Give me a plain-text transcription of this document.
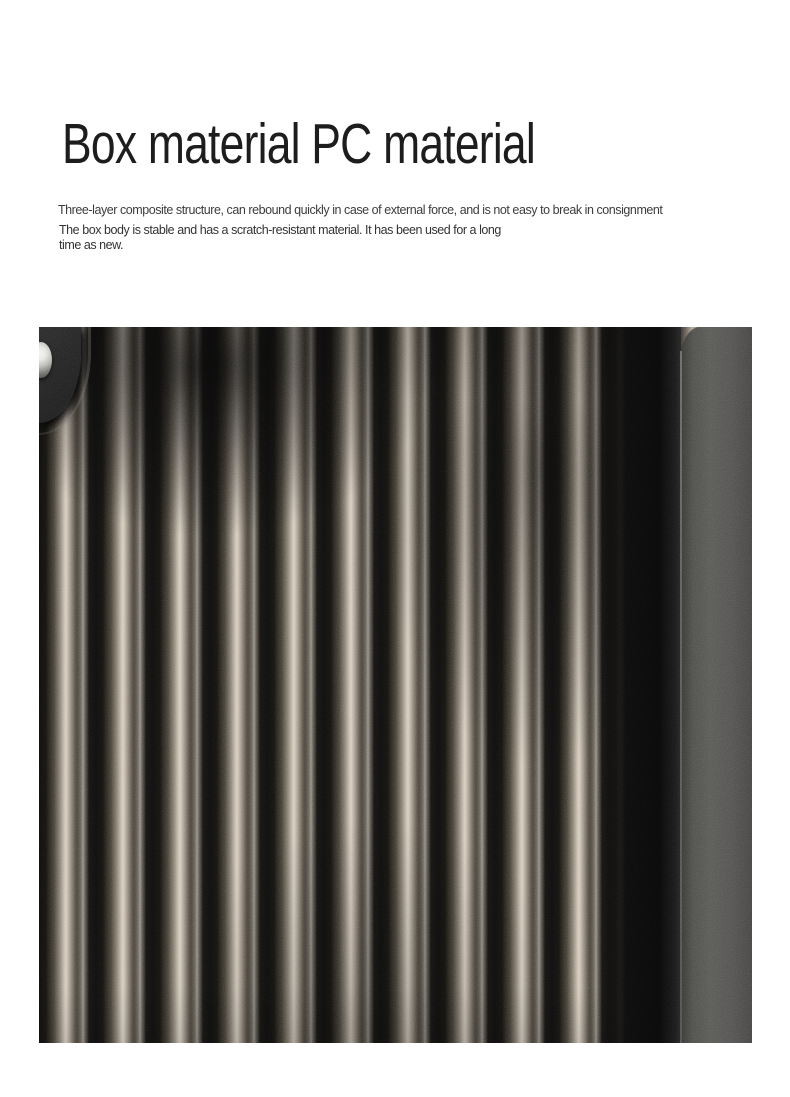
Box material PC material

Three-layer composite structure, can rebound quickly in case of external force, and is not easy to break in consignment

The box body is stable and has a scratch-resistant material. It has been used for a long
time as new.
